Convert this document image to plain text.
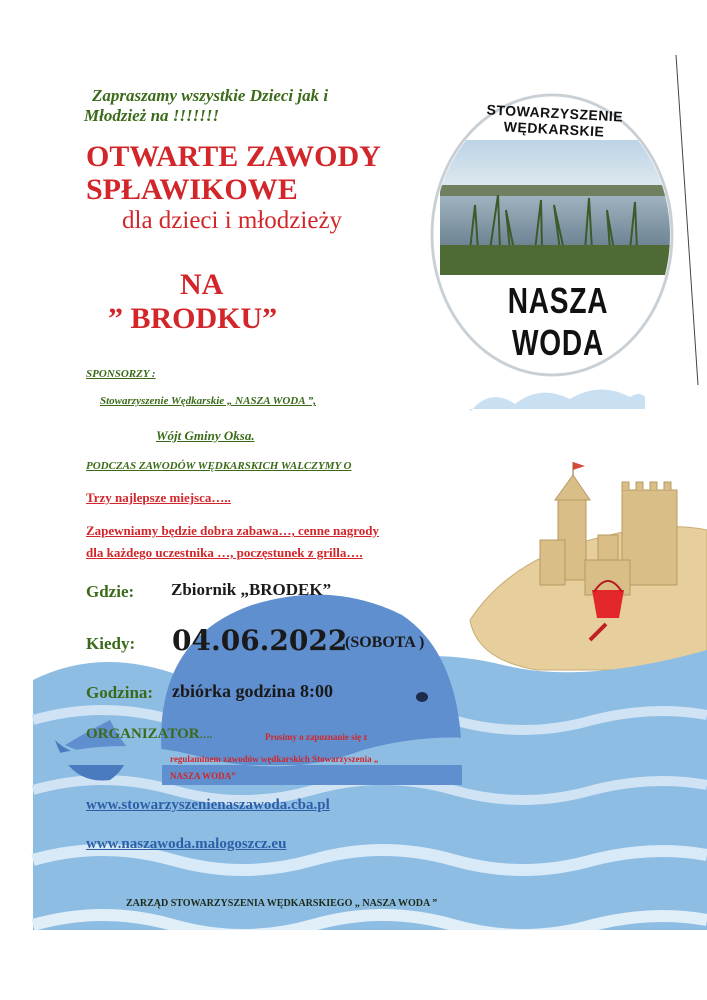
STOWARZYSZENIE WĘDKARSKIE
NASZA WODA
Zapraszamy wszystkie Dzieci jak i
Młodzież na !!!!!!!
OTWARTE ZAWODY
SPŁAWIKOWE
dla dzieci i młodzieży
NA
” BRODKU”
SPONSORZY :
Stowarzyszenie Wędkarskie „ NASZA WODA ”,
Wójt Gminy Oksa.
PODCZAS ZAWODÓW WĘDKARSKICH WALCZYMY O
Trzy najlepsze miejsca…..
Zapewniamy będzie dobra zabawa…, cenne nagrody
dla każdego uczestnika …, poczęstunek z grilla….
Gdzie: Zbiornik „BRODEK”
Kiedy: 04.06.2022
(SOBOTA )
Godzina: zbiórka godzina 8:00
ORGANIZATOR….	Prosimy o zapoznanie się z
regulaminem zawodów wędkarskich Stowarzyszenia „
NASZA WODA”
www.stowarzyszenienaszawoda.cba.pl
www.naszawoda.malogoszcz.eu
ZARZĄD STOWARZYSZENIA WĘDKARSKIEGO „ NASZA WODA ”
